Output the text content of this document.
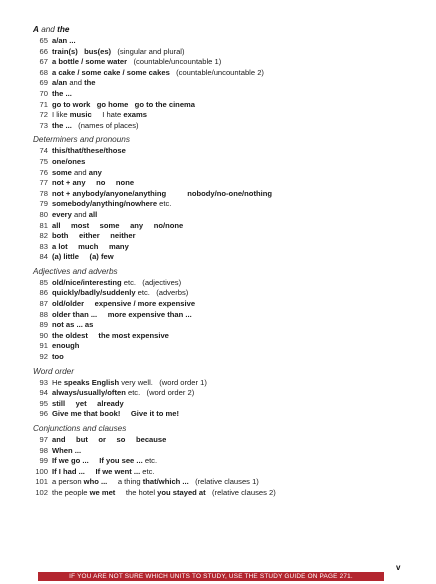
A and the
65 a/an ...
66 train(s)   bus(es) (singular and plural)
67 a bottle / some water (countable/uncountable 1)
68 a cake / some cake / some cakes (countable/uncountable 2)
69 a/an and the
70 the ...
71 go to work   go home   go to the cinema
72 I like music I hate exams
73 the ... (names of places)
Determiners and pronouns
74 this/that/these/those
75 one/ones
76 some and any
77 not + any     no     none
78 not + anybody/anyone/anything          nobody/no-one/nothing
79 somebody/anything/nowhere etc.
80 every and all
81 all     most     some     any     no/none
82 both     either     neither
83 a lot     much     many
84 (a) little     (a) few
Adjectives and adverbs
85 old/nice/interesting etc.   (adjectives)
86 quickly/badly/suddenly etc.   (adverbs)
87 old/older     expensive / more expensive
88 older than ...     more expensive than ...
89 not as ... as
90 the oldest     the most expensive
91 enough
92 too
Word order
93 He speaks English very well.   (word order 1)
94 always/usually/often etc.   (word order 2)
95 still     yet     already
96 Give me that book!     Give it to me!
Conjunctions and clauses
97 and     but     or     so     because
98 When ...
99 If we go ...     If you see ... etc.
100 If I had ...     If we went ... etc.
101 a person who ... a thing that/which ... (relative clauses 1)
102 the people we met the hotel you stayed at (relative clauses 2)
IF YOU ARE NOT SURE WHICH UNITS TO STUDY, USE THE STUDY GUIDE ON PAGE 271.
v
